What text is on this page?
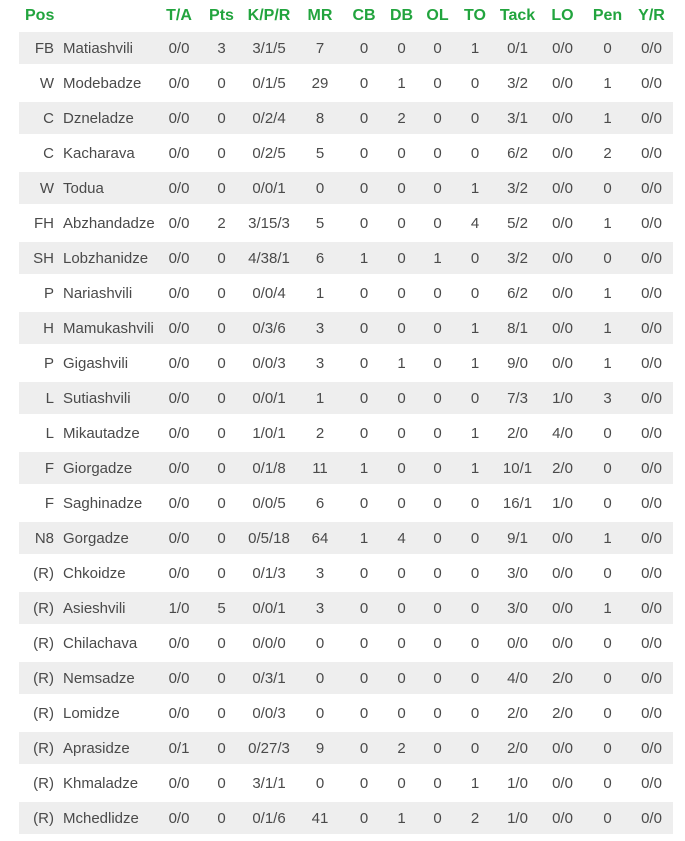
Pos		T/A	Pts	K/P/R	MR	CB	DB	OL	TO	Tack	LO	Pen	Y/R
FB	Matiashvili	0/0	3	3/1/5	7	0	0	0	1	0/1	0/0	0	0/0
W	Modebadze	0/0	0	0/1/5	29	0	1	0	0	3/2	0/0	1	0/0
C	Dzneladze	0/0	0	0/2/4	8	0	2	0	0	3/1	0/0	1	0/0
C	Kacharava	0/0	0	0/2/5	5	0	0	0	0	6/2	0/0	2	0/0
W	Todua	0/0	0	0/0/1	0	0	0	0	1	3/2	0/0	0	0/0
FH	Abzhandadze	0/0	2	3/15/3	5	0	0	0	4	5/2	0/0	1	0/0
SH	Lobzhanidze	0/0	0	4/38/1	6	1	0	1	0	3/2	0/0	0	0/0
P	Nariashvili	0/0	0	0/0/4	1	0	0	0	0	6/2	0/0	1	0/0
H	Mamukashvili	0/0	0	0/3/6	3	0	0	0	1	8/1	0/0	1	0/0
P	Gigashvili	0/0	0	0/0/3	3	0	1	0	1	9/0	0/0	1	0/0
L	Sutiashvili	0/0	0	0/0/1	1	0	0	0	0	7/3	1/0	3	0/0
L	Mikautadze	0/0	0	1/0/1	2	0	0	0	1	2/0	4/0	0	0/0
F	Giorgadze	0/0	0	0/1/8	11	1	0	0	1	10/1	2/0	0	0/0
F	Saghinadze	0/0	0	0/0/5	6	0	0	0	0	16/1	1/0	0	0/0
N8	Gorgadze	0/0	0	0/5/18	64	1	4	0	0	9/1	0/0	1	0/0
(R)	Chkoidze	0/0	0	0/1/3	3	0	0	0	0	3/0	0/0	0	0/0
(R)	Asieshvili	1/0	5	0/0/1	3	0	0	0	0	3/0	0/0	1	0/0
(R)	Chilachava	0/0	0	0/0/0	0	0	0	0	0	0/0	0/0	0	0/0
(R)	Nemsadze	0/0	0	0/3/1	0	0	0	0	0	4/0	2/0	0	0/0
(R)	Lomidze	0/0	0	0/0/3	0	0	0	0	0	2/0	2/0	0	0/0
(R)	Aprasidze	0/1	0	0/27/3	9	0	2	0	0	2/0	0/0	0	0/0
(R)	Khmaladze	0/0	0	3/1/1	0	0	0	0	1	1/0	0/0	0	0/0
(R)	Mchedlidze	0/0	0	0/1/6	41	0	1	0	2	1/0	0/0	0	0/0
